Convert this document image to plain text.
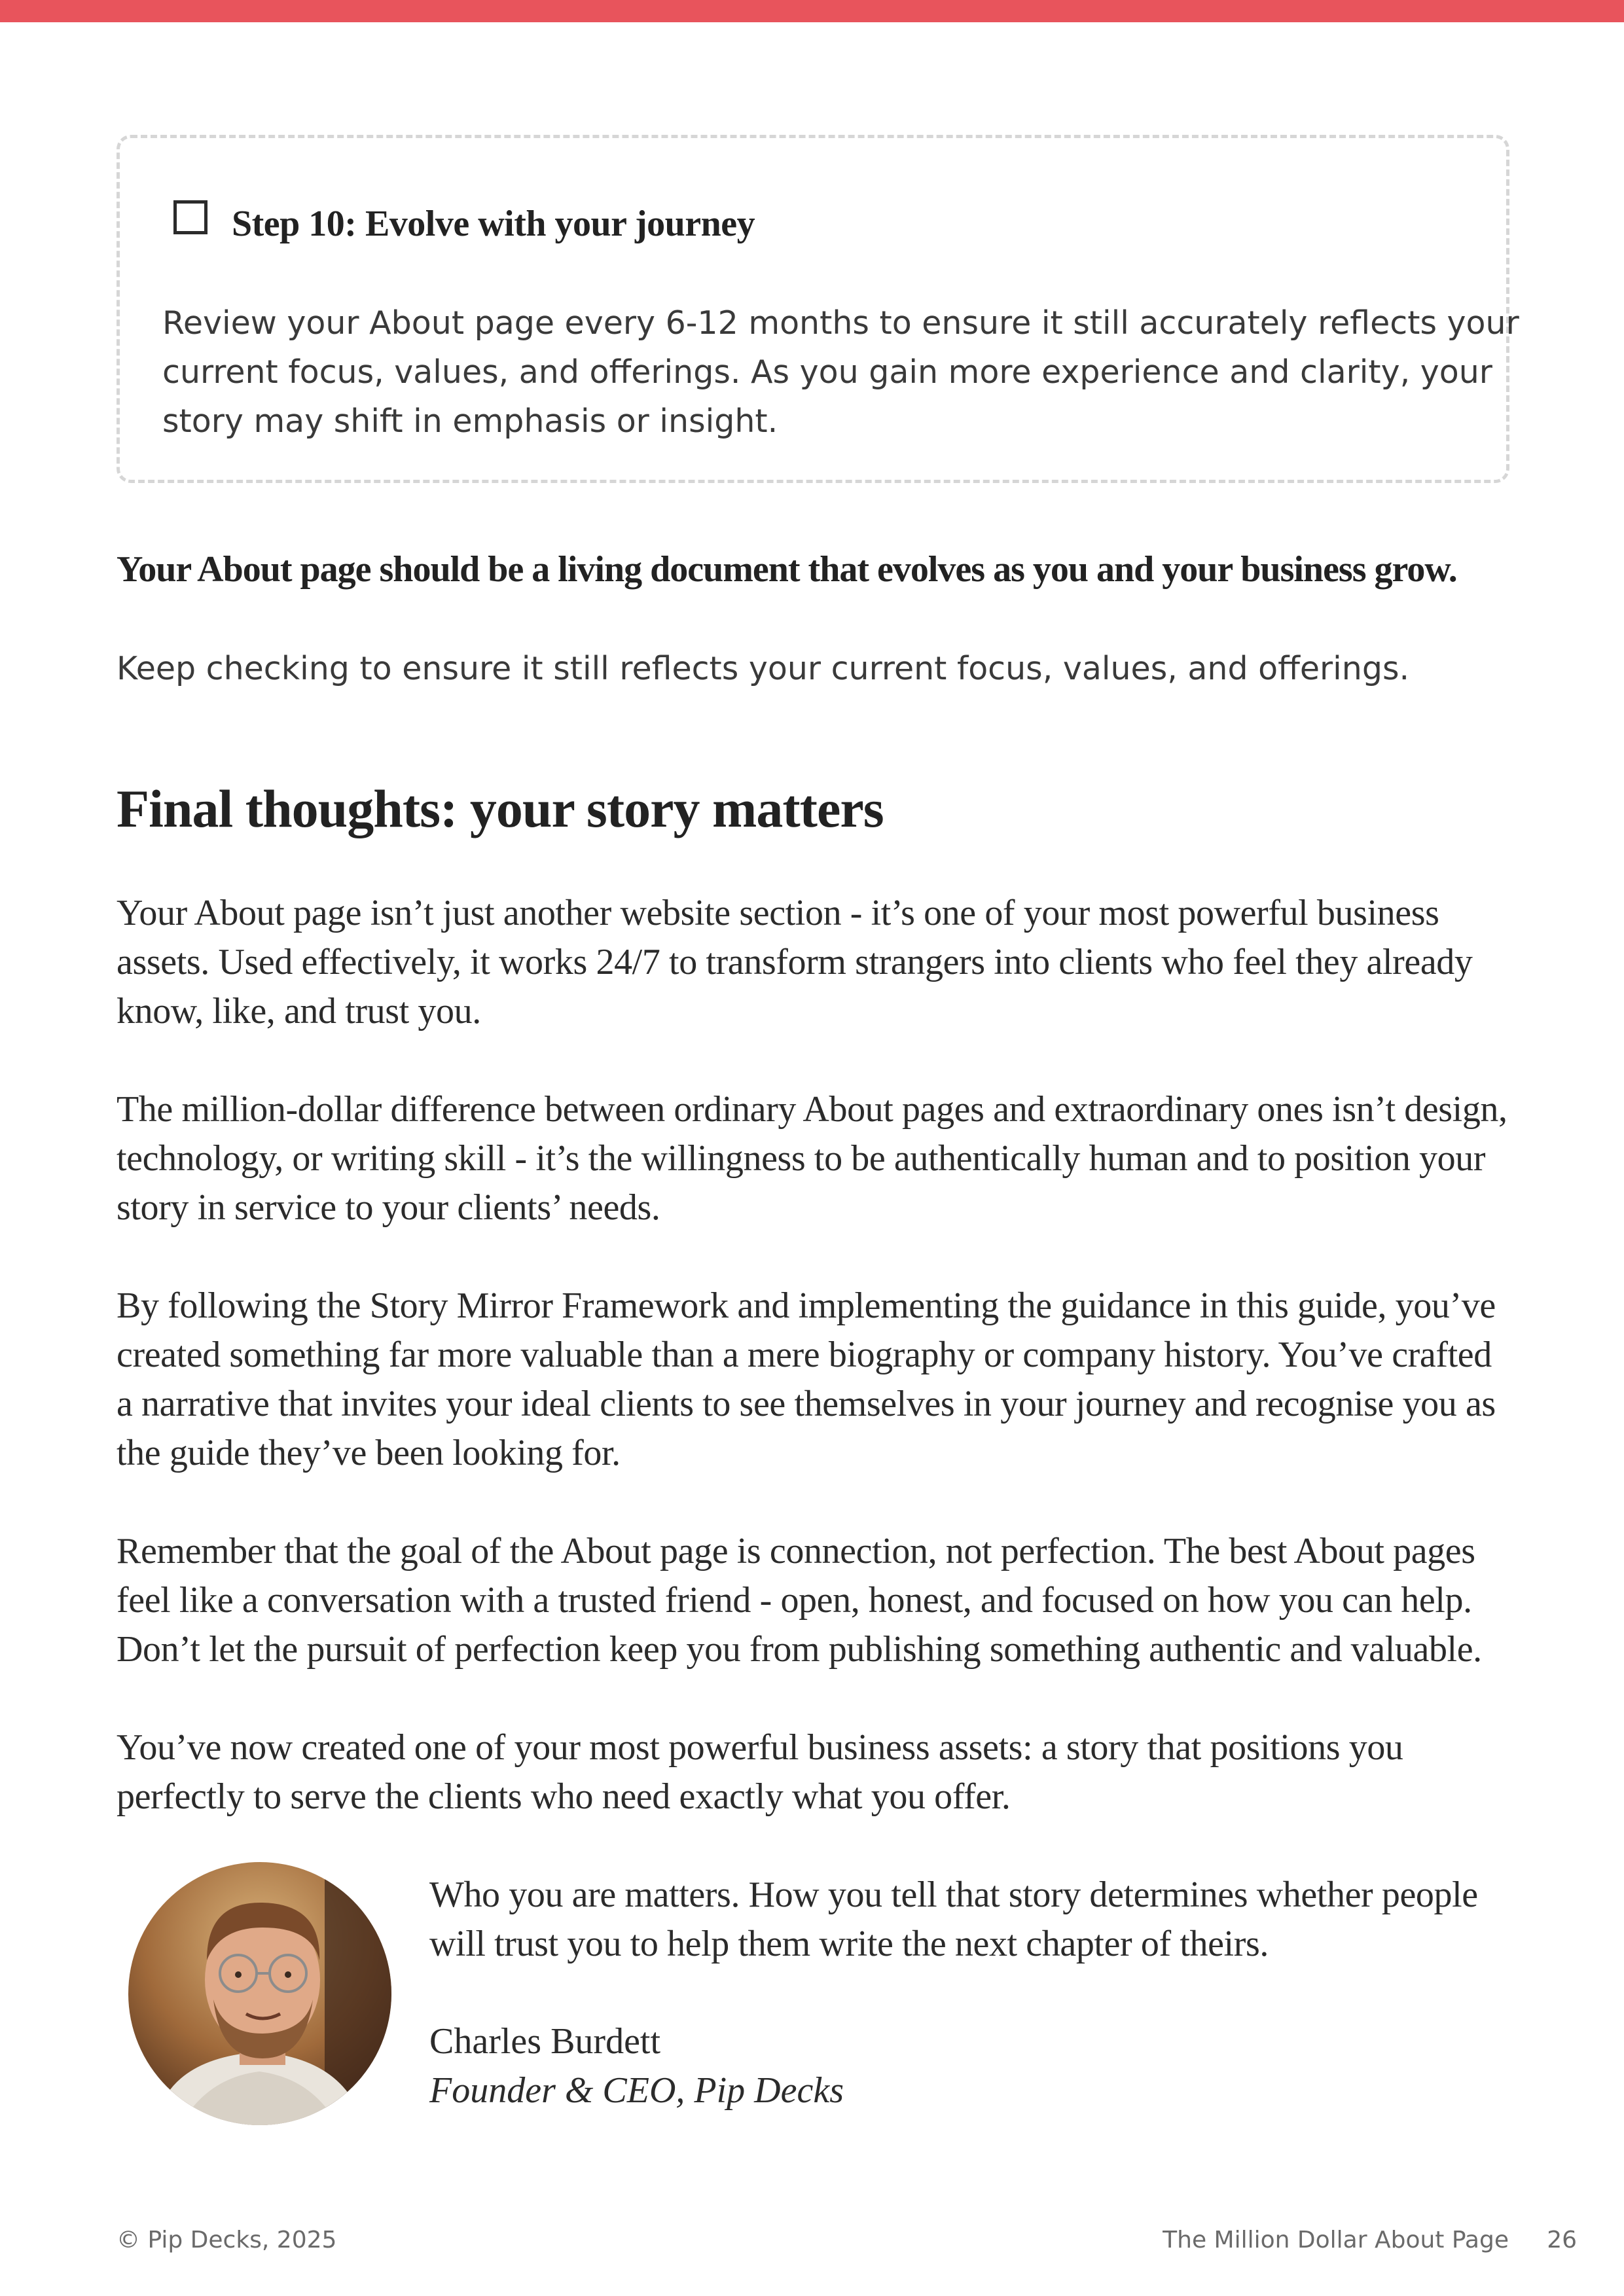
Step 10: Evolve with your journey
Review your About page every 6-12 months to ensure it still accurately reflects your
current focus, values, and offerings. As you gain more experience and clarity, your
story may shift in emphasis or insight.
Your About page should be a living document that evolves as you and your business grow.
Keep checking to ensure it still reflects your current focus, values, and offerings.
Final thoughts: your story matters
Your About page isn’t just another website section - it’s one of your most powerful business
assets. Used effectively, it works 24/7 to transform strangers into clients who feel they already
know, like, and trust you.
The million-dollar difference between ordinary About pages and extraordinary ones isn’t design,
technology, or writing skill - it’s the willingness to be authentically human and to position your
story in service to your clients’ needs.
By following the Story Mirror Framework and implementing the guidance in this guide, you’ve
created something far more valuable than a mere biography or company history. You’ve crafted
a narrative that invites your ideal clients to see themselves in your journey and recognise you as
the guide they’ve been looking for.
Remember that the goal of the About page is connection, not perfection. The best About pages
feel like a conversation with a trusted friend - open, honest, and focused on how you can help.
Don’t let the pursuit of perfection keep you from publishing something authentic and valuable.
You’ve now created one of your most powerful business assets: a story that positions you
perfectly to serve the clients who need exactly what you offer.
Who you are matters. How you tell that story determines whether people
will trust you to help them write the next chapter of theirs.
Charles Burdett
Founder & CEO, Pip Decks
© Pip Decks, 2025	The Million Dollar About Page 26
